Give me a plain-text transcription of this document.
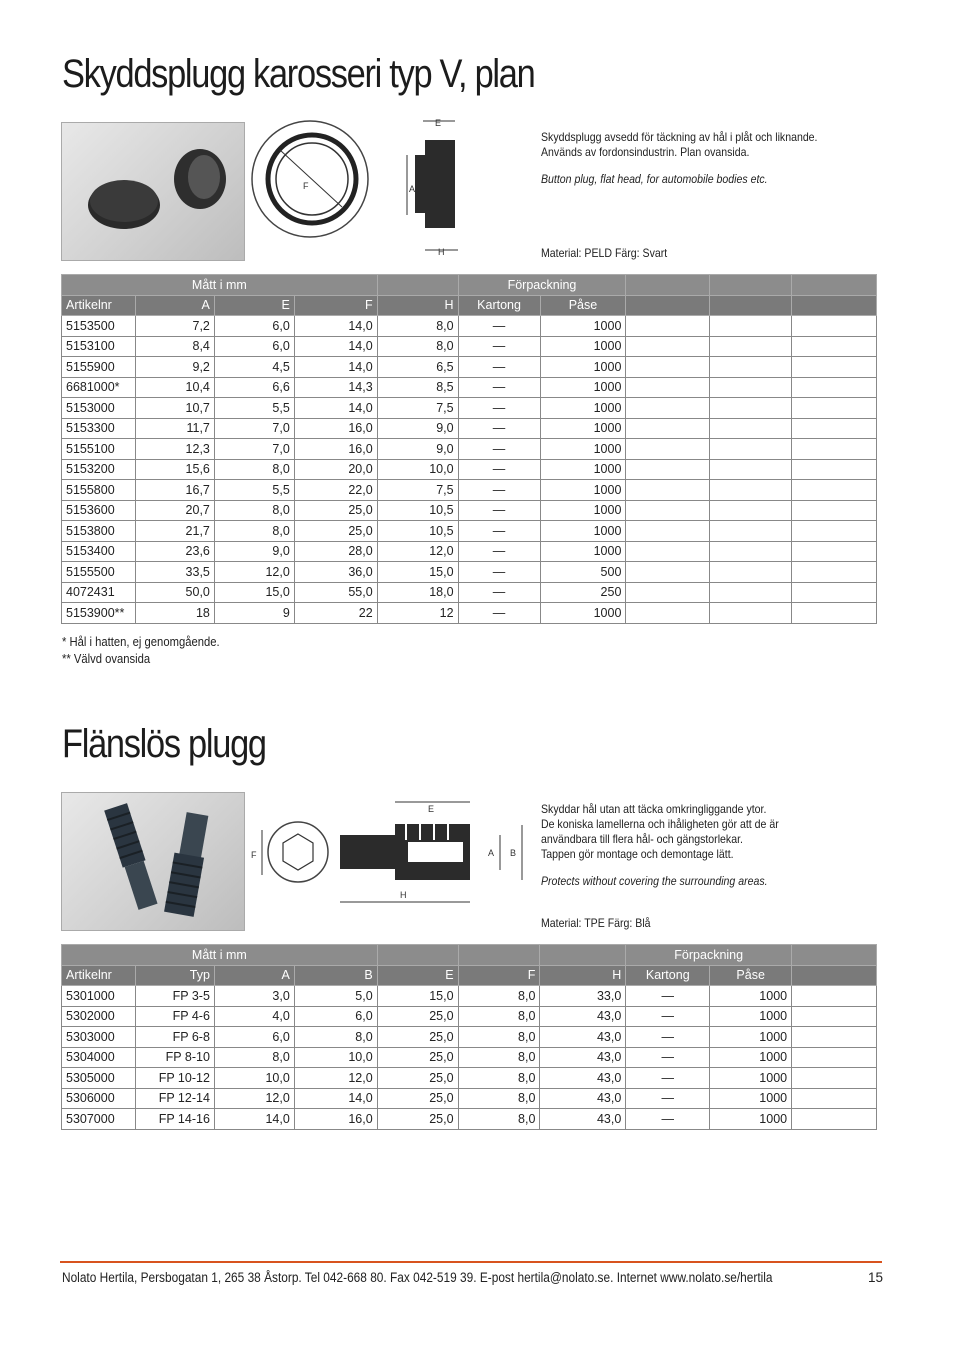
Skyddsplugg karosseri typ V, plan
F	A
E
H
Skyddsplugg avsedd för täckning av hål i plåt och liknande.
Används av fordonsindustrin. Plan ovansida.
Button plug, flat head, for automobile bodies etc.
Material: PELD Färg: Svart
Mått i mm					Förpackning				
Artikelnr	A	E	F	H	Kartong	Påse			
5153500	7,2	6,0	14,0	8,0	—	1000			
5153100	8,4	6,0	14,0	8,0	—	1000			
5155900	9,2	4,5	14,0	6,5	—	1000			
6681000*	10,4	6,6	14,3	8,5	—	1000			
5153000	10,7	5,5	14,0	7,5	—	1000			
5153300	11,7	7,0	16,0	9,0	—	1000			
5155100	12,3	7,0	16,0	9,0	—	1000			
5153200	15,6	8,0	20,0	10,0	—	1000			
5155800	16,7	5,5	22,0	7,5	—	1000			
5153600	20,7	8,0	25,0	10,5	—	1000			
5153800	21,7	8,0	25,0	10,5	—	1000			
5153400	23,6	9,0	28,0	12,0	—	1000			
5155500	33,5	12,0	36,0	15,0	—	500			
4072431	50,0	15,0	55,0	18,0	—	250			
5153900**	18	9	22	12	—	1000			
* Hål i hatten, ej genomgående.
** Välvd ovansida
Flänslös plugg
F
E
H
A B
Skyddar hål utan att täcka omkringliggande ytor.
De koniska lamellerna och ihåligheten gör att de är
användbara till flera hål- och gängstorlekar.
Tappen gör montage och demontage lätt.
Protects without covering the surrounding areas.
Material: TPE Färg: Blå
Mått i mm							Förpackning		
Artikelnr	Typ	A	B	E	F	H	Kartong	Påse	
5301000	FP 3-5	3,0	5,0	15,0	8,0	33,0	—	1000	
5302000	FP 4-6	4,0	6,0	25,0	8,0	43,0	—	1000	
5303000	FP 6-8	6,0	8,0	25,0	8,0	43,0	—	1000	
5304000	FP 8-10	8,0	10,0	25,0	8,0	43,0	—	1000	
5305000	FP 10-12	10,0	12,0	25,0	8,0	43,0	—	1000	
5306000	FP 12-14	12,0	14,0	25,0	8,0	43,0	—	1000	
5307000	FP 14-16	14,0	16,0	25,0	8,0	43,0	—	1000	
Nolato Hertila, Persbogatan 1, 265 38 Åstorp. Tel 042-668 80. Fax 042-519 39. E-post hertila@nolato.se. Internet www.nolato.se/hertila	15
